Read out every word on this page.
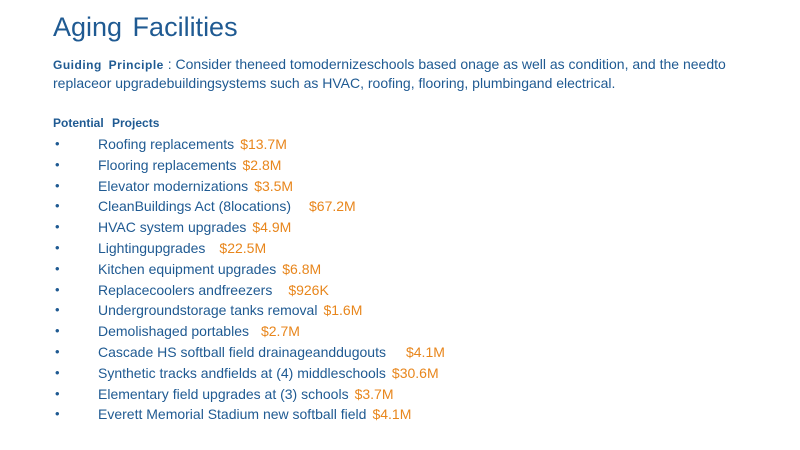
Aging Facilities
Guiding Principle : Consider theneed tomodernizeschools based onage as well as condition, and the needto replaceor upgradebuildingsystems such as HVAC, roofing, flooring, plumbingand electrical.
Potential Projects
•	Roofing replacements $13.7M
•	Flooring replacements $2.8M
•	Elevator modernizations $3.5M
•	CleanBuildings Act (8locations) $67.2M
•	HVAC system upgrades $4.9M
•	Lightingupgrades $22.5M
•	Kitchen equipment upgrades $6.8M
•	Replacecoolers andfreezers $926K
•	Undergroundstorage tanks removal $1.6M
•	Demolishaged portables $2.7M
•	Cascade HS softball field drainageanddugouts $4.1M
•	Synthetic tracks andfields at (4) middleschools $30.6M
•	Elementary field upgrades at (3) schools $3.7M
•	Everett Memorial Stadium new softball field $4.1M
